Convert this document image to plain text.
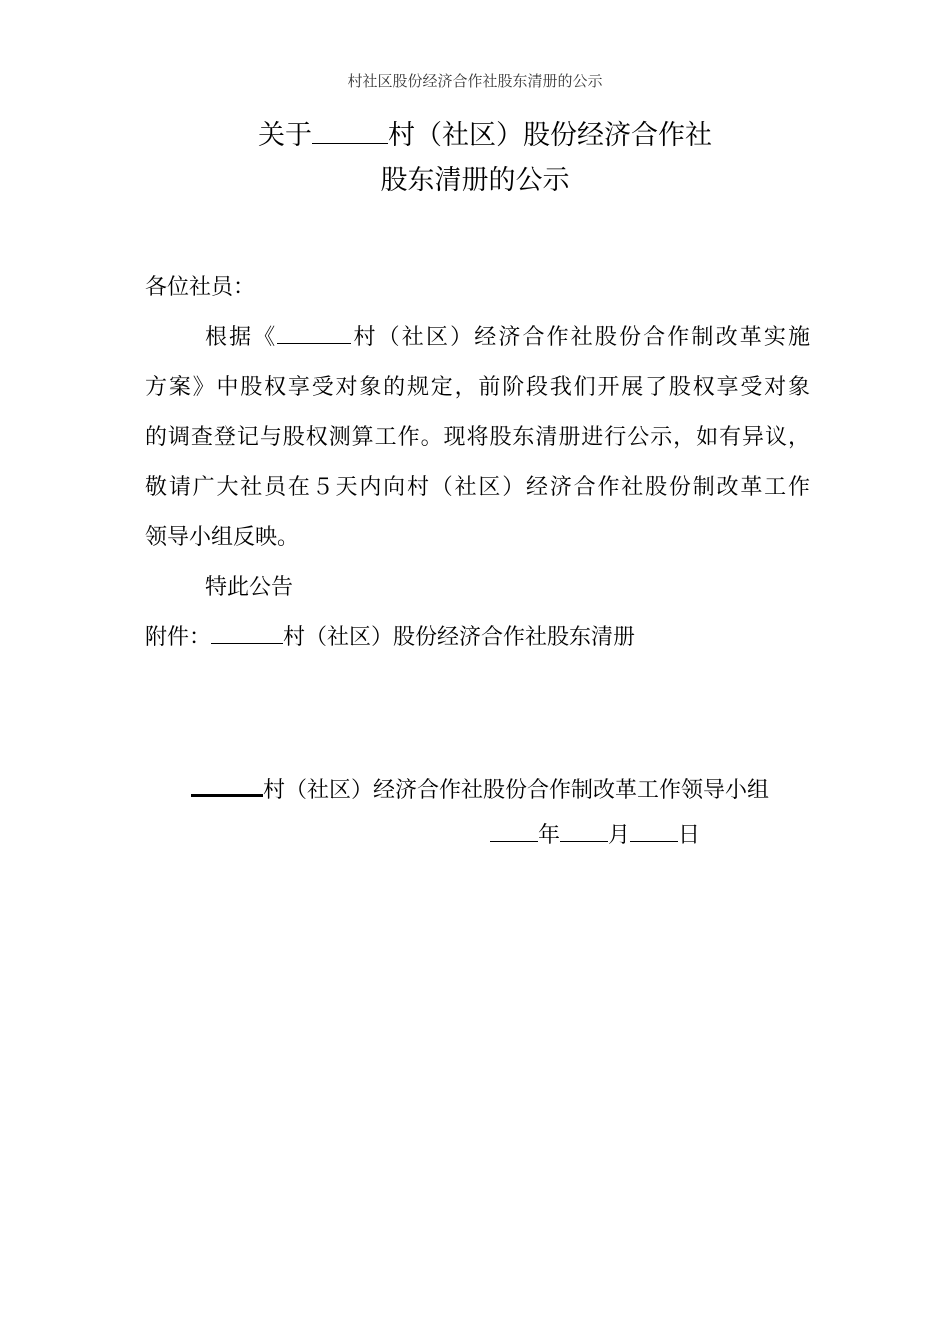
村社区股份经济合作社股东清册的公示
关于	村（社区）股份经济合作社
股东清册的公示
各位社员：
根据《	村（社区）经济合作社股份合作制改革实施
方案》中股权享受对象的规定，前阶段我们开展了股权享受对象
的调查登记与股权测算工作。现将股东清册进行公示，如有异议，
敬请广大社员在５天内向村（社区）经济合作社股份制改革工作
领导小组反映。
特此公告
附件：	村（社区）股份经济合作社股东清册
村（社区）经济合作社股份合作制改革工作领导小组
年 月 日
